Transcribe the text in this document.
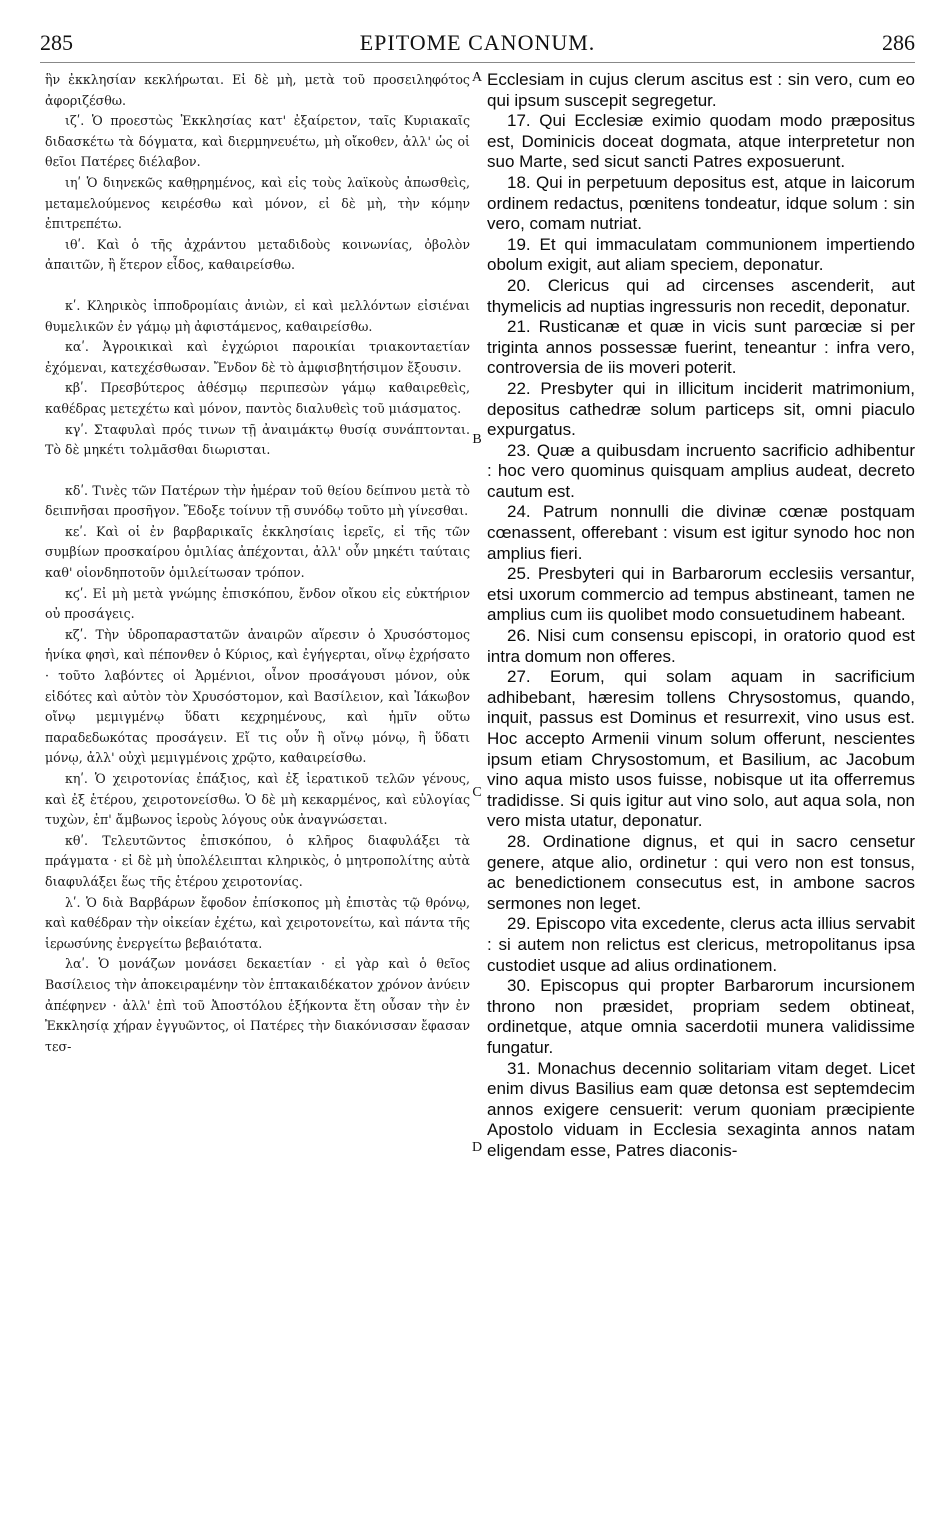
285	EPITOME CANONUM.	286
A
B
C
D

ἣν ἐκκλησίαν κεκλήρωται. Εἰ δὲ μὴ, μετὰ τοῦ προσειληφότος ἀφοριζέσθω.

ιζʹ. Ὁ προεστὼς Ἐκκλησίας κατ' ἐξαίρετον, ταῖς Κυριακαῖς διδασκέτω τὰ δόγματα, καὶ διερμηνευέτω, μὴ οἴκοθεν, ἀλλ' ὡς οἱ θεῖοι Πατέρες διέλαβον.

ιηʹ Ὁ διηνεκῶς καθῃρημένος, καὶ εἰς τοὺς λαϊκοὺς ἀπωσθεὶς, μεταμελούμενος κειρέσθω καὶ μόνον, εἰ δὲ μὴ, τὴν κόμην ἐπιτρεπέτω.

ιθʹ. Καὶ ὁ τῆς ἀχράντου μεταδιδοὺς κοινωνίας, ὀβολὸν ἀπαιτῶν, ἢ ἕτερον εἶδος, καθαιρείσθω.

κʹ. Κληρικὸς ἱπποδρομίαις ἀνιὼν, εἰ καὶ μελλόντων εἰσιέναι θυμελικῶν ἐν γάμῳ μὴ ἀφιστάμενος, καθαιρείσθω.

καʹ. Ἀγροικικαὶ καὶ ἐγχώριοι παροικίαι τριακονταετίαν ἐχόμεναι, κατεχέσθωσαν. Ἔνδον δὲ τὸ ἀμφισβητήσιμον ἔξουσιν.

κβʹ. Πρεσβύτερος ἀθέσμῳ περιπεσὼν γάμῳ καθαιρεθεὶς, καθέδρας μετεχέτω καὶ μόνον, παντὸς διαλυθεὶς τοῦ μιάσματος.

κγʹ. Σταφυλαὶ πρός τινων τῇ ἀναιμάκτῳ θυσίᾳ συνάπτονται. Τὸ δὲ μηκέτι τολμᾶσθαι διωρισται.

κδʹ. Τινὲς τῶν Πατέρων τὴν ἡμέραν τοῦ θείου δείπνου μετὰ τὸ δειπνῆσαι προσῆγον. Ἔδοξε τοίνυν τῇ συνόδῳ τοῦτο μὴ γίνεσθαι.

κεʹ. Καὶ οἱ ἐν βαρβαρικαῖς ἐκκλησίαις ἱερεῖς, εἰ τῆς τῶν συμβίων προσκαίρου ὁμιλίας ἀπέχονται, ἀλλ' οὖν μηκέτι ταύταις καθ' οἱονδηποτοῦν ὁμιλείτωσαν τρόπον.

κϛʹ. Εἰ μὴ μετὰ γνώμης ἐπισκόπου, ἔνδον οἴκου εἰς εὐκτήριον οὐ προσάγεις.

κζʹ. Τὴν ὑδροπαραστατῶν ἀναιρῶν αἵρεσιν ὁ Χρυσόστομος ἡνίκα φησὶ, καὶ πέπονθεν ὁ Κύριος, καὶ ἐγήγερται, οἴνῳ ἐχρήσατο · τοῦτο λαβόντες οἱ Ἀρμένιοι, οἶνον προσάγουσι μόνον, οὐκ εἰδότες καὶ αὐτὸν τὸν Χρυσόστομον, καὶ Βασίλειον, καὶ Ἰάκωβον οἴνῳ μεμιγμένῳ ὕδατι κεχρημένους, καὶ ἡμῖν οὕτω παραδεδωκότας προσάγειν. Εἴ τις οὖν ἢ οἴνῳ μόνῳ, ἢ ὕδατι μόνῳ, ἀλλ' οὐχὶ μεμιγμένοις χρῷτο, καθαιρείσθω.

κηʹ. Ὁ χειροτονίας ἐπάξιος, καὶ ἐξ ἱερατικοῦ τελῶν γένους, καὶ ἐξ ἑτέρου, χειροτονείσθω. Ὁ δὲ μὴ κεκαρμένος, καὶ εὐλογίας τυχὼν, ἐπ' ἄμβωνος ἱεροὺς λόγους οὐκ ἀναγνώσεται.

κθʹ. Τελευτῶντος ἐπισκόπου, ὁ κλῆρος διαφυλάξει τὰ πράγματα · εἰ δὲ μὴ ὑπολέλειπται κληρικὸς, ὁ μητροπολίτης αὐτὰ διαφυλάξει ἕως τῆς ἑτέρου χειροτονίας.

λʹ. Ὁ διὰ Βαρβάρων ἔφοδον ἐπίσκοπος μὴ ἐπιστὰς τῷ θρόνῳ, καὶ καθέδραν τὴν οἰκείαν ἐχέτω, καὶ χειροτονείτω, καὶ πάντα τῆς ἱερωσύνης ἐνεργείτω βεβαιότατα.

λαʹ. Ὁ μονάζων μονάσει δεκαετίαν · εἰ γὰρ καὶ ὁ θεῖος Βασίλειος τὴν ἀποκειραμένην τὸν ἑπτακαιδέκατον χρόνον ἀνύειν ἀπέφηνεν · ἀλλ' ἐπὶ τοῦ Ἀποστόλου ἑξήκοντα ἔτη οὖσαν τὴν ἐν Ἐκκλησίᾳ χήραν ἐγγυῶντος, οἱ Πατέρες τὴν διακόνισσαν ἔφασαν τεσ-

Ecclesiam in cujus clerum ascitus est : sin vero, cum eo qui ipsum suscepit segregetur.

17. Qui Ecclesiæ eximio quodam modo præpositus est, Dominicis doceat dogmata, atque interpretetur non suo Marte, sed sicut sancti Patres exposuerunt.

18. Qui in perpetuum depositus est, atque in laicorum ordinem redactus, pœnitens tondeatur, idque solum : sin vero, comam nutriat.

19. Et qui immaculatam communionem impertiendo obolum exigit, aut aliam speciem, deponatur.

20. Clericus qui ad circenses ascenderit, aut thymelicis ad nuptias ingressuris non recedit, deponatur.

21. Rusticanæ et quæ in vicis sunt parœciæ si per triginta annos possessæ fuerint, teneantur : infra vero, controversia de iis moveri poterit.

22. Presbyter qui in illicitum inciderit matrimonium, depositus cathedræ solum particeps sit, omni piaculo expurgatus.

23. Quæ a quibusdam incruento sacrificio adhibentur : hoc vero quominus quisquam amplius audeat, decreto cautum est.

24. Patrum nonnulli die divinæ cœnæ postquam cœnassent, offerebant : visum est igitur synodo hoc non amplius fieri.

25. Presbyteri qui in Barbarorum ecclesiis versantur, etsi uxorum commercio ad tempus abstineant, tamen ne amplius cum iis quolibet modo consuetudinem habeant.

26. Nisi cum consensu episcopi, in oratorio quod est intra domum non offeres.

27. Eorum, qui solam aquam in sacrificium adhibebant, hæresim tollens Chrysostomus, quando, inquit, passus est Dominus et resurrexit, vino usus est. Hoc accepto Armenii vinum solum offerunt, nescientes ipsum etiam Chrysostomum, et Basilium, ac Jacobum vino aqua misto usos fuisse, nobisque ut ita offerremus tradidisse. Si quis igitur aut vino solo, aut aqua sola, non vero mista utatur, deponatur.

28. Ordinatione dignus, et qui in sacro censetur genere, atque alio, ordinetur : qui vero non est tonsus, ac benedictionem consecutus est, in ambone sacros sermones non leget.

29. Episcopo vita excedente, clerus acta illius servabit : si autem non relictus est clericus, metropolitanus ipsa custodiet usque ad alius ordinationem.

30. Episcopus qui propter Barbarorum incursionem throno non præsidet, propriam sedem obtineat, ordinetque, atque omnia sacerdotii munera validissime fungatur.

31. Monachus decennio solitariam vitam deget. Licet enim divus Basilius eam quæ detonsa est septemdecim annos exigere censuerit: verum quoniam præcipiente Apostolo viduam in Ecclesia sexaginta annos natam eligendam esse, Patres diaconis-
